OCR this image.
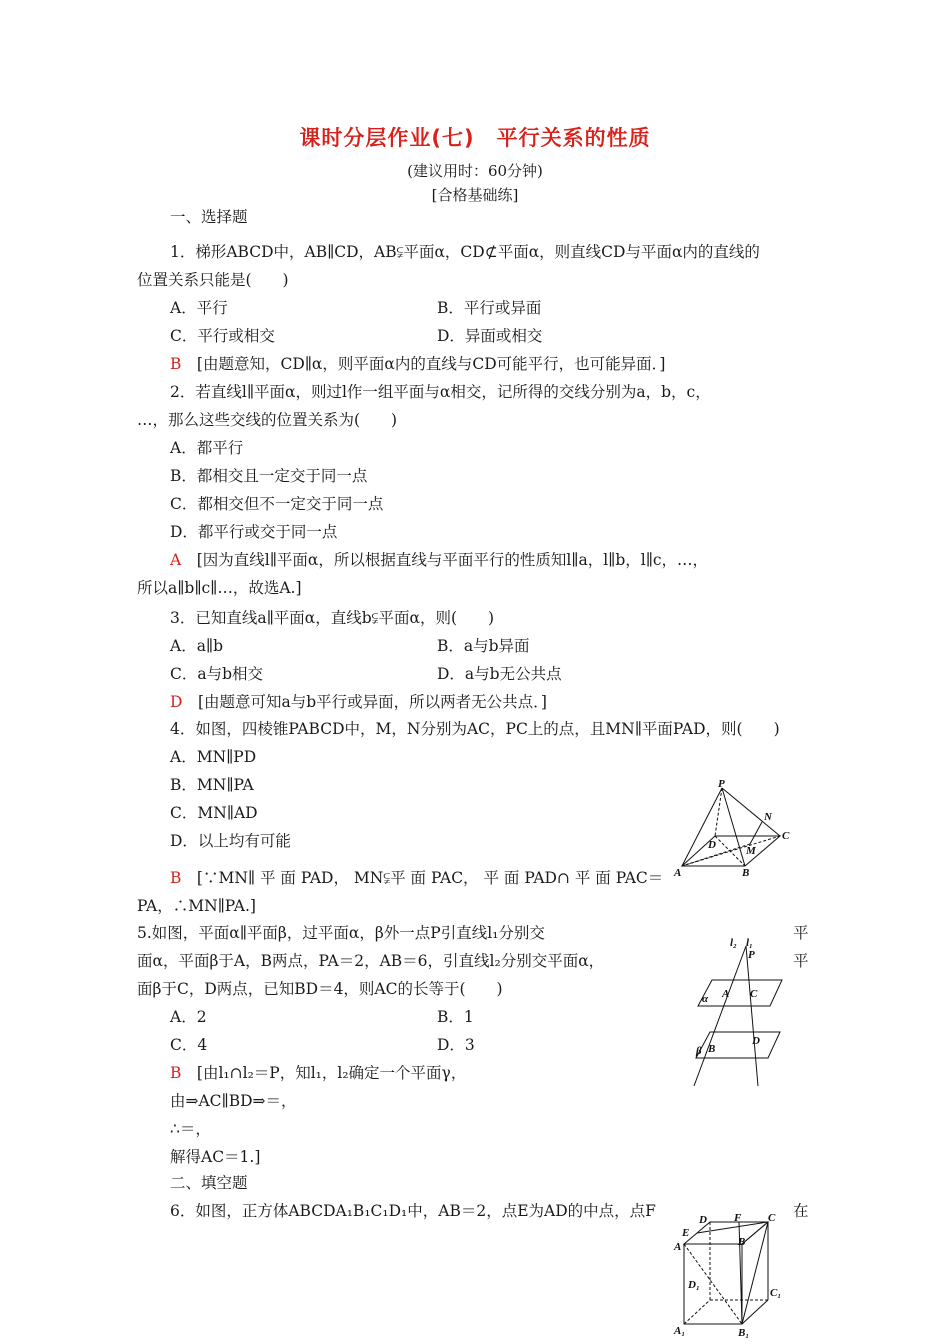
课时分层作业(七)　平行关系的性质
(建议用时：60分钟)
[合格基础练]
一、选择题
1．梯形ABCD中，AB∥CD，AB⫋平面α，CD⊄平面α，则直线CD与平面α内的直线的
位置关系只能是(　　)
A．平行	B．平行或异面
C．平行或相交	D．异面或相交
B　 [由题意知，CD∥α，则平面α内的直线与CD可能平行，也可能异面．]
2．若直线l∥平面α，则过l作一组平面与α相交，记所得的交线分别为a，b，c，
…，那么这些交线的位置关系为(　　)
A．都平行
B．都相交且一定交于同一点
C．都相交但不一定交于同一点
D．都平行或交于同一点
A　 [因为直线l∥平面α，所以根据直线与平面平行的性质知l∥a，l∥b，l∥c，…，
所以a∥b∥c∥…，故选A.]
3．已知直线a∥平面α，直线b⫋平面α，则(　　)
A．a∥b	B．a与b异面
C．a与b相交	D．a与b无公共点
D　 [由题意可知a与b平行或异面，所以两者无公共点．]
4．如图，四棱锥PABCD中，M，N分别为AC，PC上的点，且MN∥平面PAD，则(　　)
A．MN∥PD
B．MN∥PA
C．MN∥AD
D．以上均有可能
B　 [∵MN∥ 平 面 PAD， MN⫋平 面 PAC， 平 面 PAD∩ 平 面 PAC＝
PA，∴MN∥PA.]
P
N
C
D	M
A	B
5.如图，平面α∥平面β，过平面α，β外一点P引直线l₁分别交	平
面α，平面β于A，B两点，PA＝2，AB＝6，引直线l₂分别交平面α，	平
面β于C，D两点，已知BD＝4，则AC的长等于(　　)
A．2	B．1
C．4	D．3
B　 [由l₁∩l₂＝P，知l₁，l₂确定一个平面γ，
由⇒AC∥BD⇒＝，
∴＝，
解得AC＝1.]
l₂ l₁
P
α A C
β B
D
二、填空题
6．如图，正方体ABCDA₁B₁C₁D₁中，AB＝2，点E为AD的中点，点F	在
E
D F C
A	B
D₁
C₁
A₁	B₁
